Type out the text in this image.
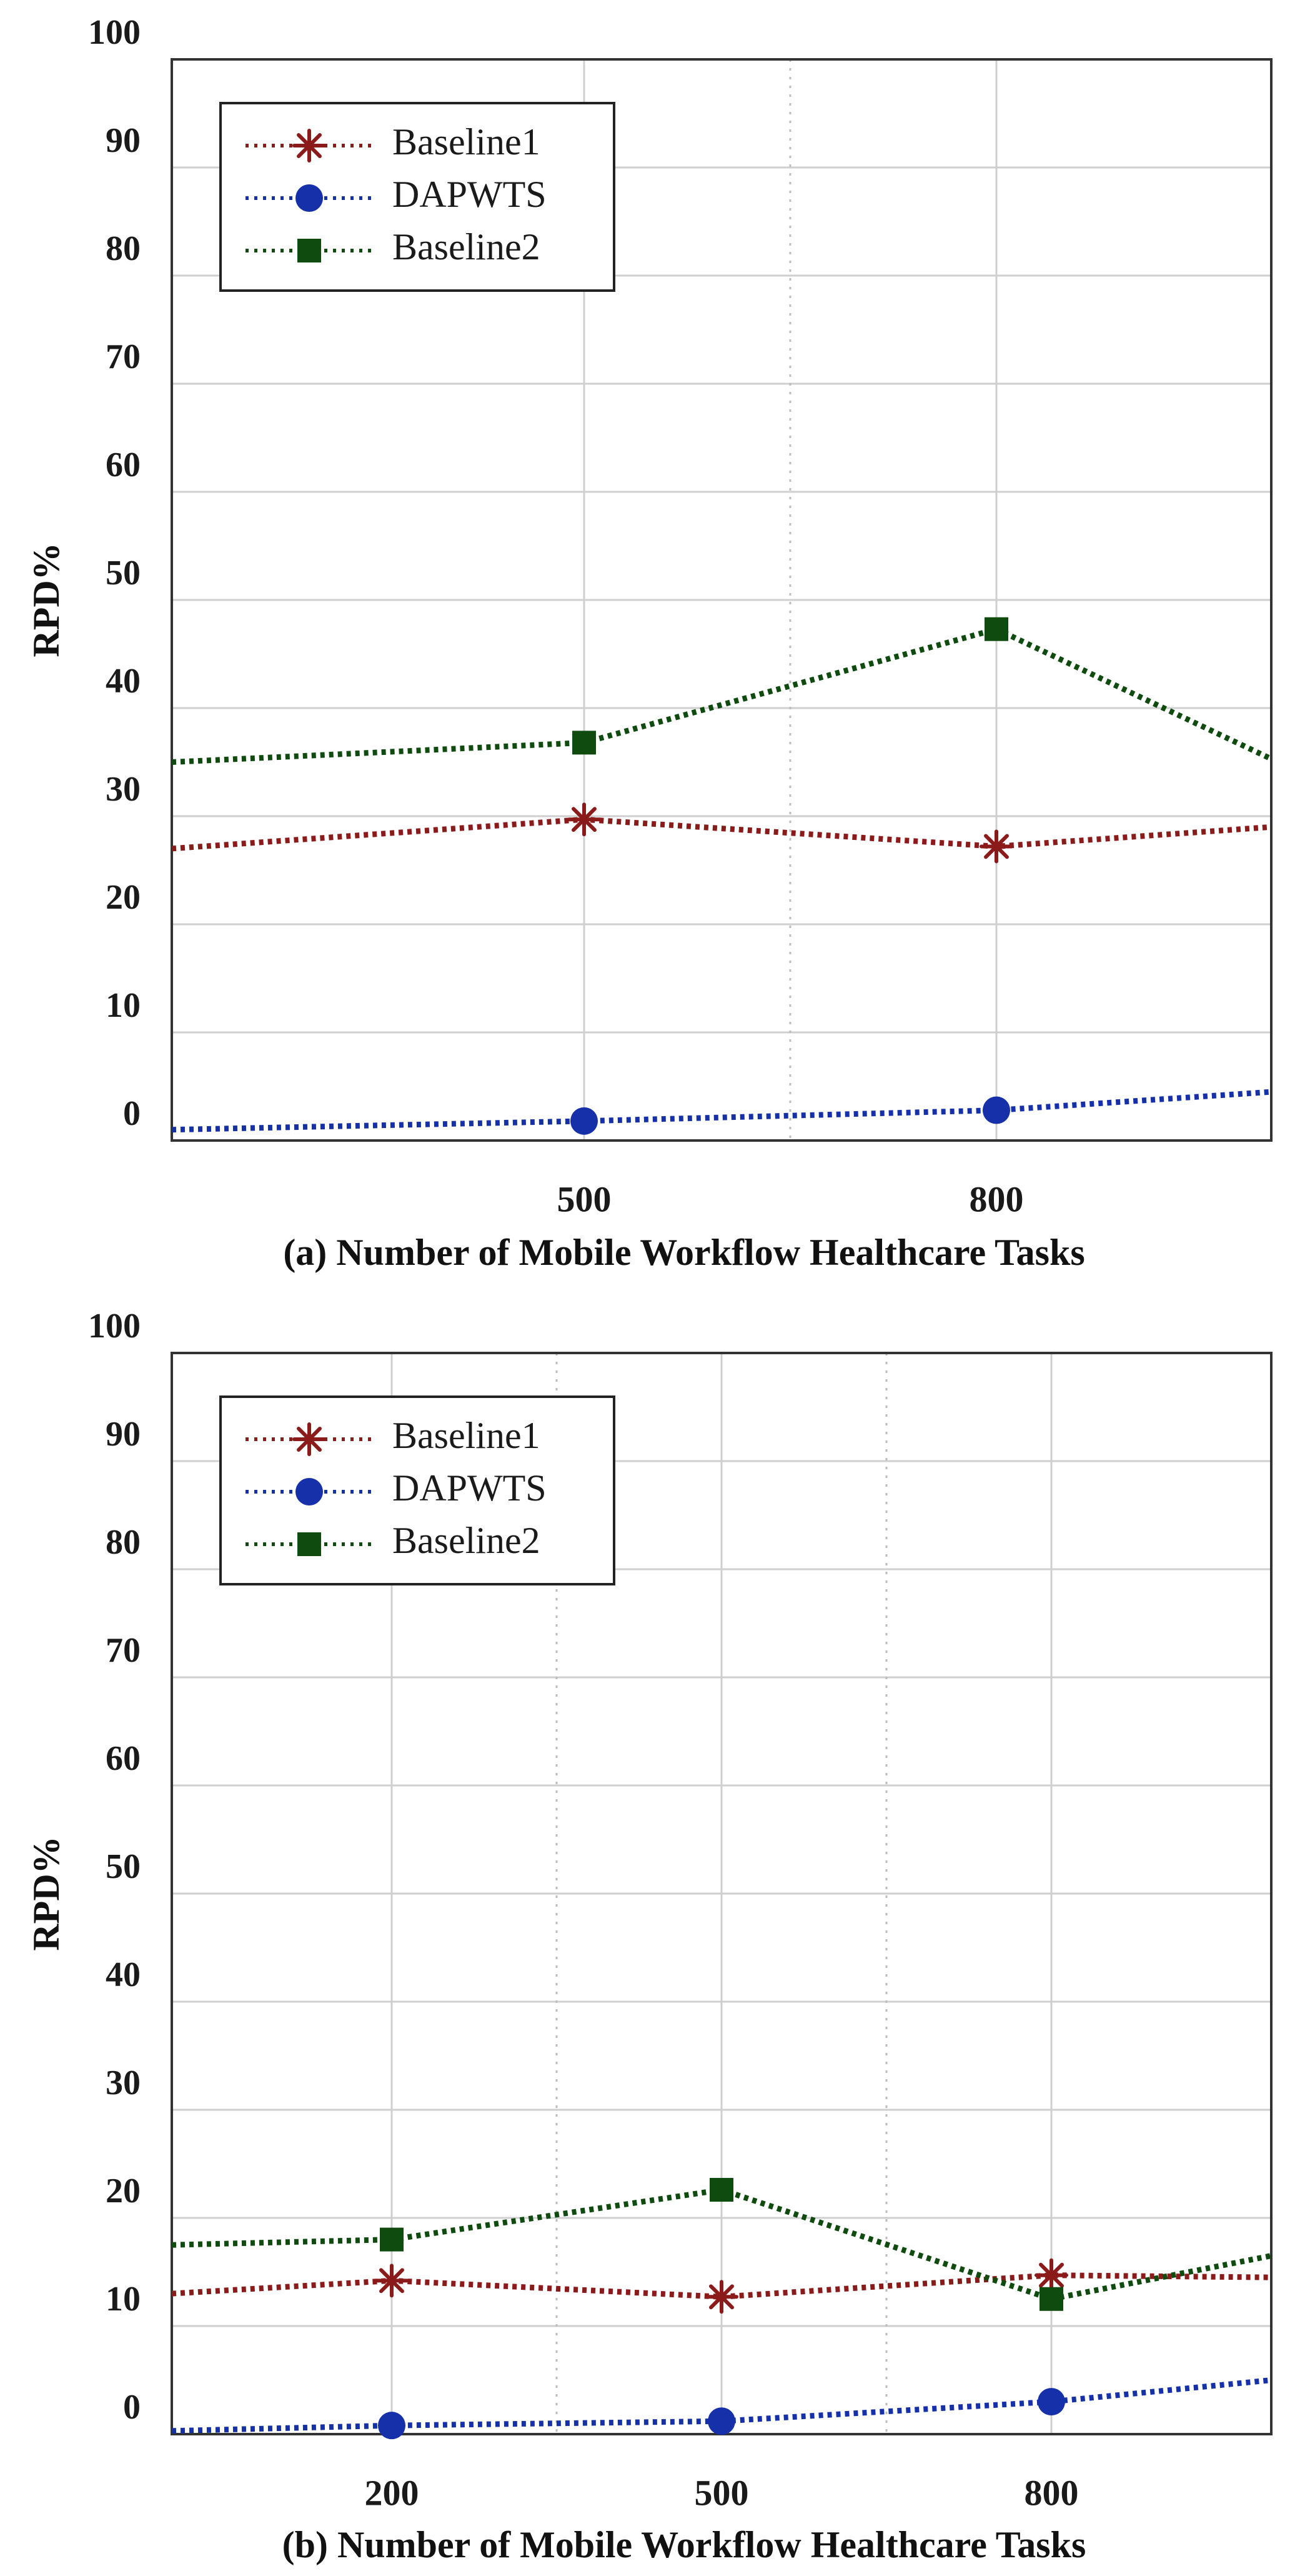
0
10
20
30
40
50
60
70
80
90
100
500	800
Baseline1
DAPWTS
Baseline2
RPD%
(a) Number of Mobile Workflow Healthcare Tasks
0
10
20
30
40
50
60
70
80
90
100
200	500	800
Baseline1
DAPWTS
Baseline2
RPD%
(b) Number of Mobile Workflow Healthcare Tasks
